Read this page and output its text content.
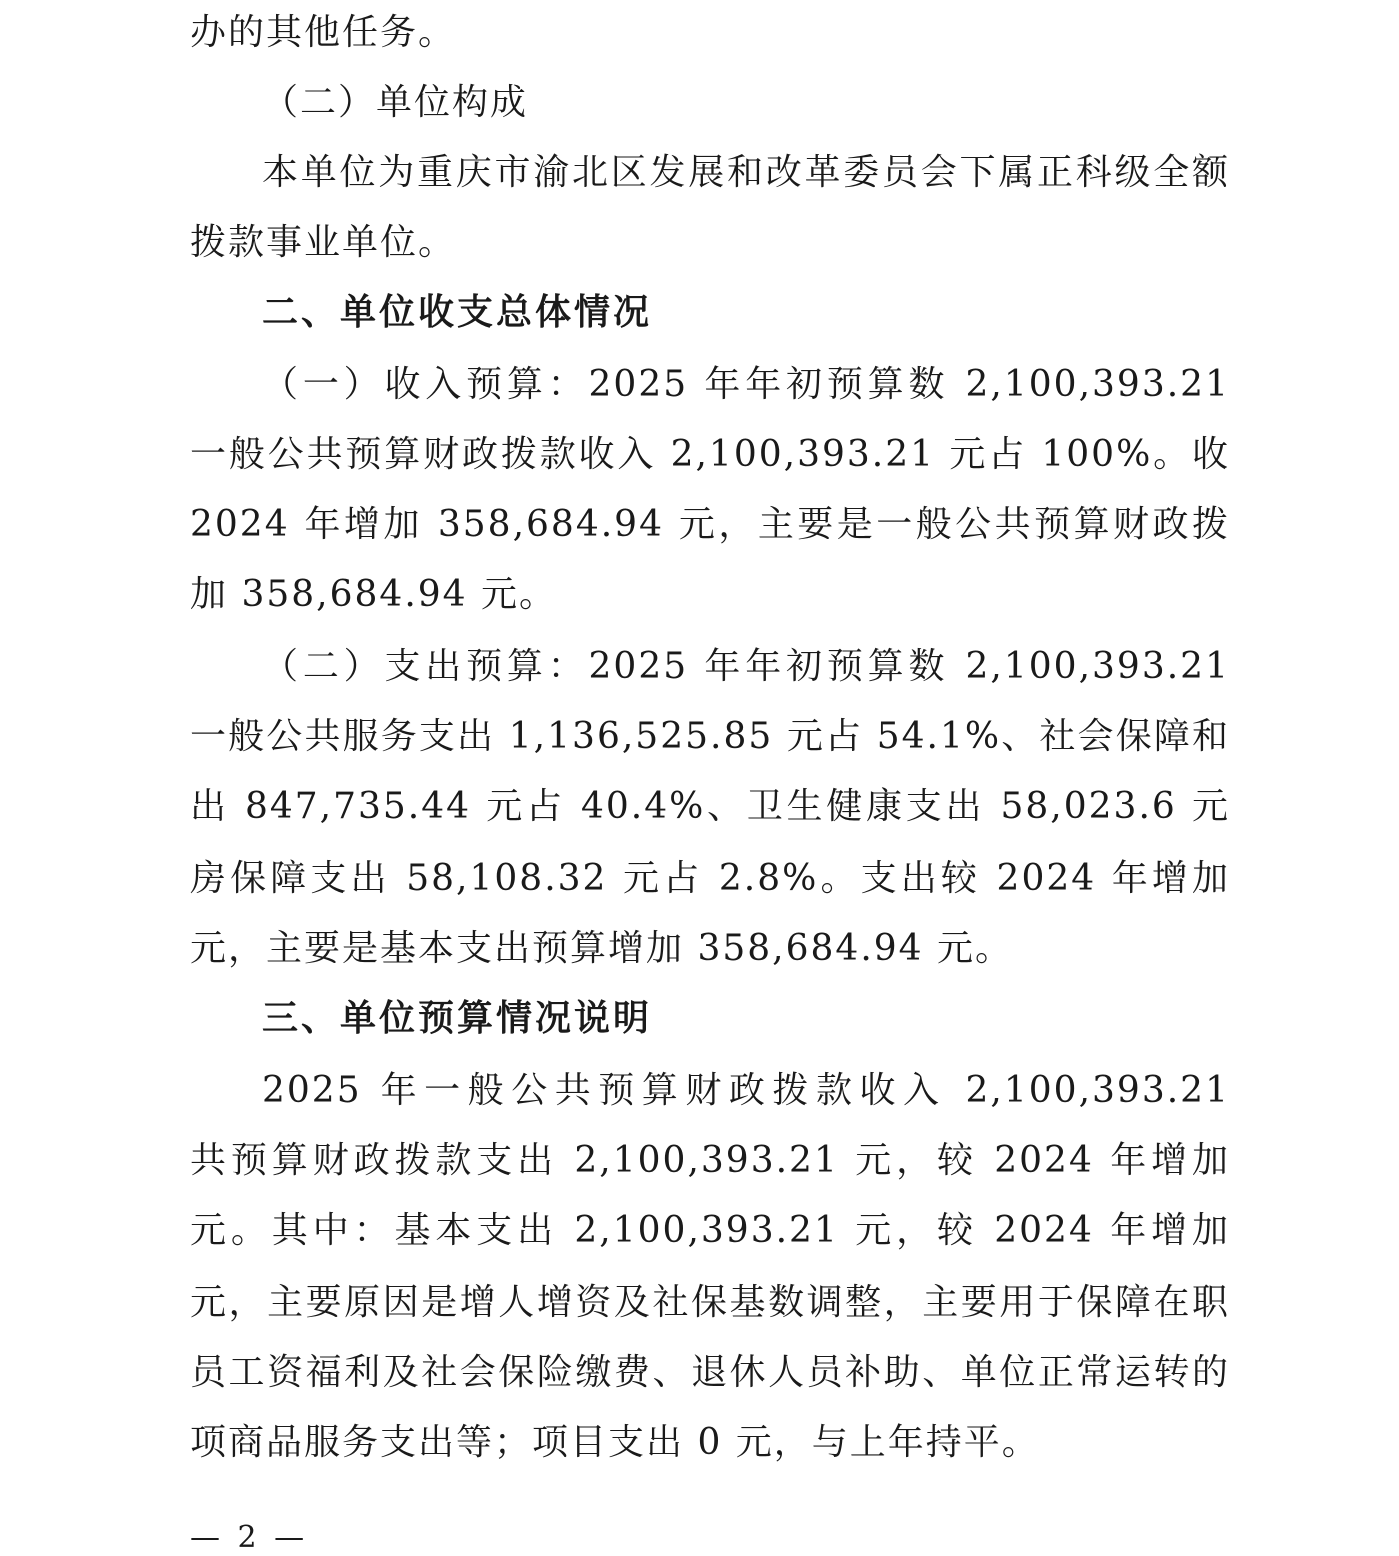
办的其他任务。
（二）单位构成
本单位为重庆市渝北区发展和改革委员会下属正科级全额
拨款事业单位。
二、单位收支总体情况
（一）收入预算：2025 年年初预算数 2,100,393.21
一般公共预算财政拨款收入 2,100,393.21 元占 100%。收
2024 年增加 358,684.94 元，主要是一般公共预算财政拨
加 358,684.94 元。
（二）支出预算：2025 年年初预算数 2,100,393.21
一般公共服务支出 1,136,525.85 元占 54.1%、社会保障和
出 847,735.44 元占 40.4%、卫生健康支出 58,023.6 元
房保障支出 58,108.32 元占 2.8%。支出较 2024 年增加
元，主要是基本支出预算增加 358,684.94 元。
三、单位预算情况说明
2025 年一般公共预算财政拨款收入 2,100,393.21
共预算财政拨款支出 2,100,393.21 元，较 2024 年增加
元。其中：基本支出 2,100,393.21 元，较 2024 年增加
元，主要原因是增人增资及社保基数调整，主要用于保障在职
员工资福利及社会保险缴费、退休人员补助、单位正常运转的
项商品服务支出等；项目支出 0 元，与上年持平。
— 2 —
